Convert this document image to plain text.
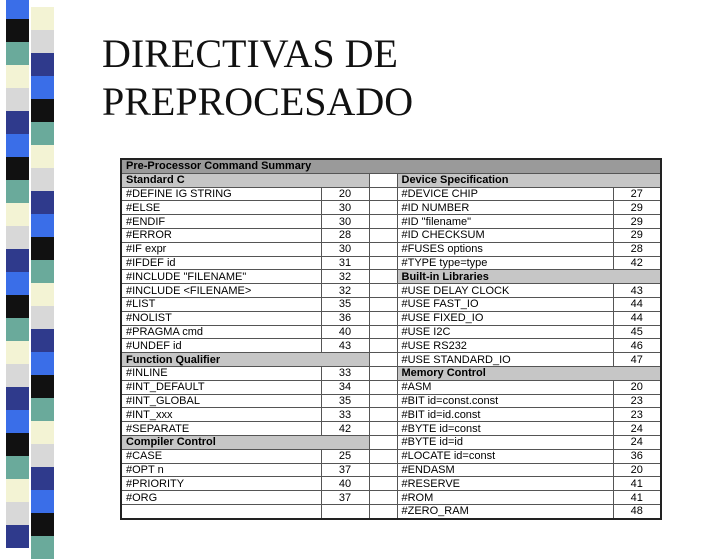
DIRECTIVAS DE
PREPROCESADO
Pre-Processor Command Summary				
Standard C			Device Specification	
#DEFINE IG STRING	20		#DEVICE CHIP	27
#ELSE	30		#ID NUMBER	29
#ENDIF	30		#ID "filename"	29
#ERROR	28		#ID CHECKSUM	29
#IF expr	30		#FUSES options	28
#IFDEF id	31		#TYPE type=type	42
#INCLUDE "FILENAME"	32		Built-in Libraries	
#INCLUDE <FILENAME>	32		#USE DELAY CLOCK	43
#LIST	35		#USE FAST_IO	44
#NOLIST	36		#USE FIXED_IO	44
#PRAGMA cmd	40		#USE I2C	45
#UNDEF id	43		#USE RS232	46
Function Qualifier			#USE STANDARD_IO	47
#INLINE	33		Memory Control	
#INT_DEFAULT	34		#ASM	20
#INT_GLOBAL	35		#BIT id=const.const	23
#INT_xxx	33		#BIT id=id.const	23
#SEPARATE	42		#BYTE id=const	24
Compiler Control			#BYTE id=id	24
#CASE	25		#LOCATE id=const	36
#OPT n	37		#ENDASM	20
#PRIORITY	40		#RESERVE	41
#ORG	37		#ROM	41
			#ZERO_RAM	48
